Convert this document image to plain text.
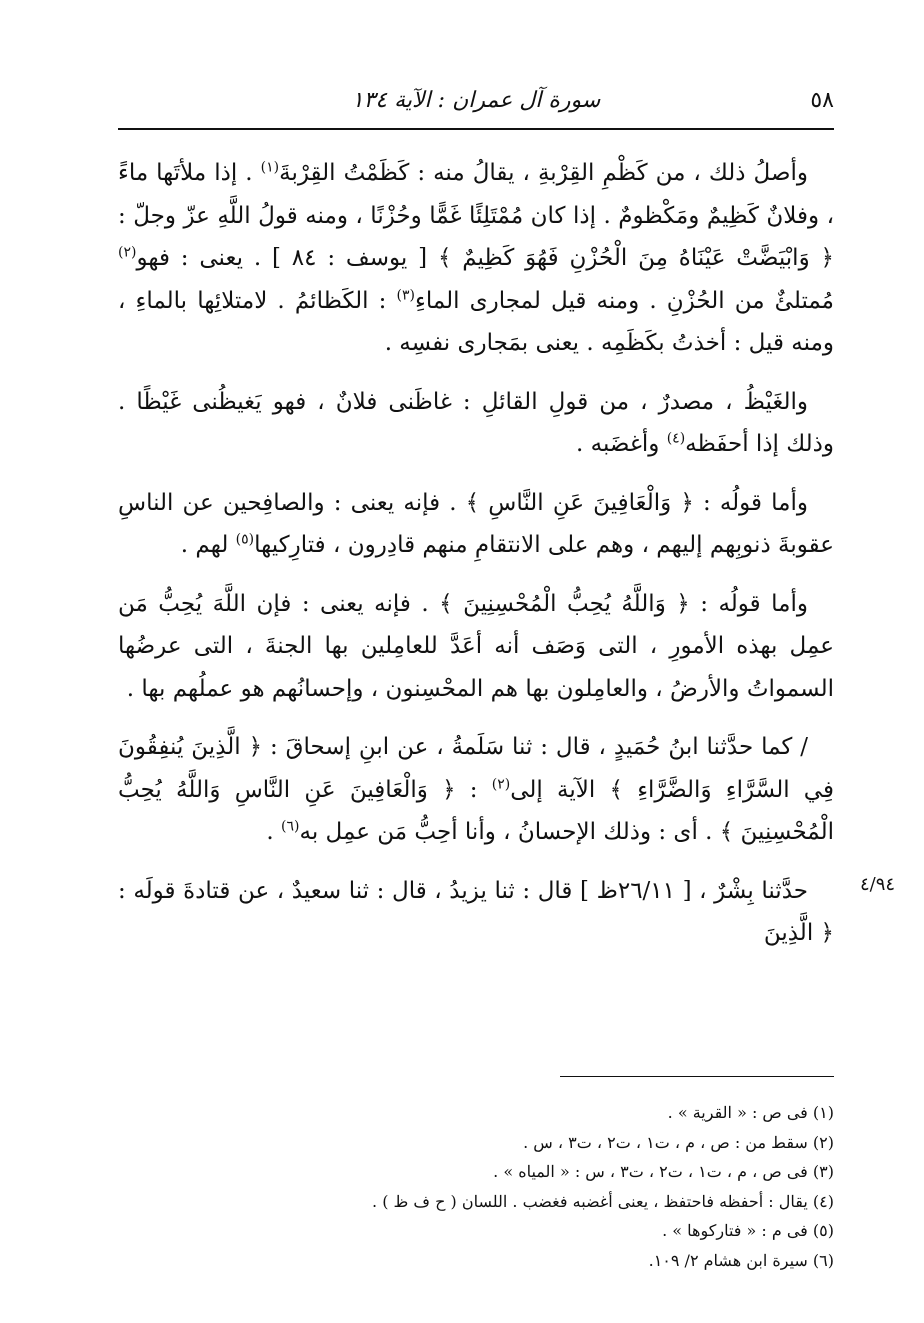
٥٨
سورة آل عمران : الآية ١٣٤

وأصلُ ذلك ، من كَظْمِ القِرْبةِ ، يقالُ منه : كَظَمْتُ القِرْبةَ$^{(١)}$ . إذا ملأتَها ماءً ، وفلانٌ كَظِيمٌ ومَكْظومٌ . إذا كان مُمْتَلِئًا غَمًّا وحُزْنًا ، ومنه قولُ اللَّهِ عزّ وجلّ : ﴿ وَابْيَضَّتْ عَيْنَاهُ مِنَ الْحُزْنِ فَهُوَ كَظِيمٌ ﴾ [ يوسف : ٨٤ ] . يعنى : فهو$^{(٢)}$ مُمتلئٌ من الحُزْنِ . ومنه قيل لمجارى الماءِ$^{(٣)}$ : الكَظائمُ . لامتلائِها بالماءِ ، ومنه قيل : أخذتُ بكَظَمِه . يعنى بمَجارى نفسِه .

والغَيْظُ ، مصدرٌ ، من قولِ القائلِ : غاظَنى فلانٌ ، فهو يَغيظُنى غَيْظًا . وذلك إذا أحفَظه$^{(٤)}$ وأغضَبه .

وأما قولُه : ﴿ وَالْعَافِينَ عَنِ النَّاسِ ﴾ . فإنه يعنى : والصافِحين عن الناسِ عقوبةَ ذنوبِهم إليهم ، وهم على الانتقامِ منهم قادِرون ، فتارِكيها$^{(٥)}$ لهم .

وأما قولُه : ﴿ وَاللَّهُ يُحِبُّ الْمُحْسِنِينَ ﴾ . فإنه يعنى : فإن اللَّهَ يُحِبُّ مَن عمِل بهذه الأمورِ ، التى وَصَف أنه أعَدَّ للعامِلين بها الجنةَ ، التى عرضُها السمواتُ والأرضُ ، والعامِلون بها هم المحْسِنون ، وإحسانُهم هو عملُهم بها .

/ كما حدَّثنا ابنُ حُمَيدٍ ، قال : ثنا سَلَمةُ ، عن ابنِ إسحاقَ : ﴿ الَّذِينَ يُنفِقُونَ فِي السَّرَّاءِ وَالضَّرَّاءِ ﴾ الآية إلى$^{(٢)}$ : ﴿ وَالْعَافِينَ عَنِ النَّاسِ وَاللَّهُ يُحِبُّ الْمُحْسِنِينَ ﴾ . أى : وذلك الإحسانُ ، وأنا أحِبُّ مَن عمِل به$^{(٦)}$ .

حدَّثنا بِشْرٌ ، [ ٢٦/١١ظ ] قال : ثنا يزيدُ ، قال : ثنا سعيدٌ ، عن قتادةَ قولَه : ﴿ الَّذِينَ

٤/٩٤
(١) فى ص : « القرية » .
(٢) سقط من : ص ، م ، ت١ ، ت٢ ، ت٣ ، س .
(٣) فى ص ، م ، ت١ ، ت٢ ، ت٣ ، س : « المياه » .
(٤) يقال : أحفظه فاحتفظ ، يعنى أغضبه فغضب . اللسان ( ح ف ظ ) .
(٥) فى م : « فتاركوها » .
(٦) سيرة ابن هشام ٢/ ١٠٩.
